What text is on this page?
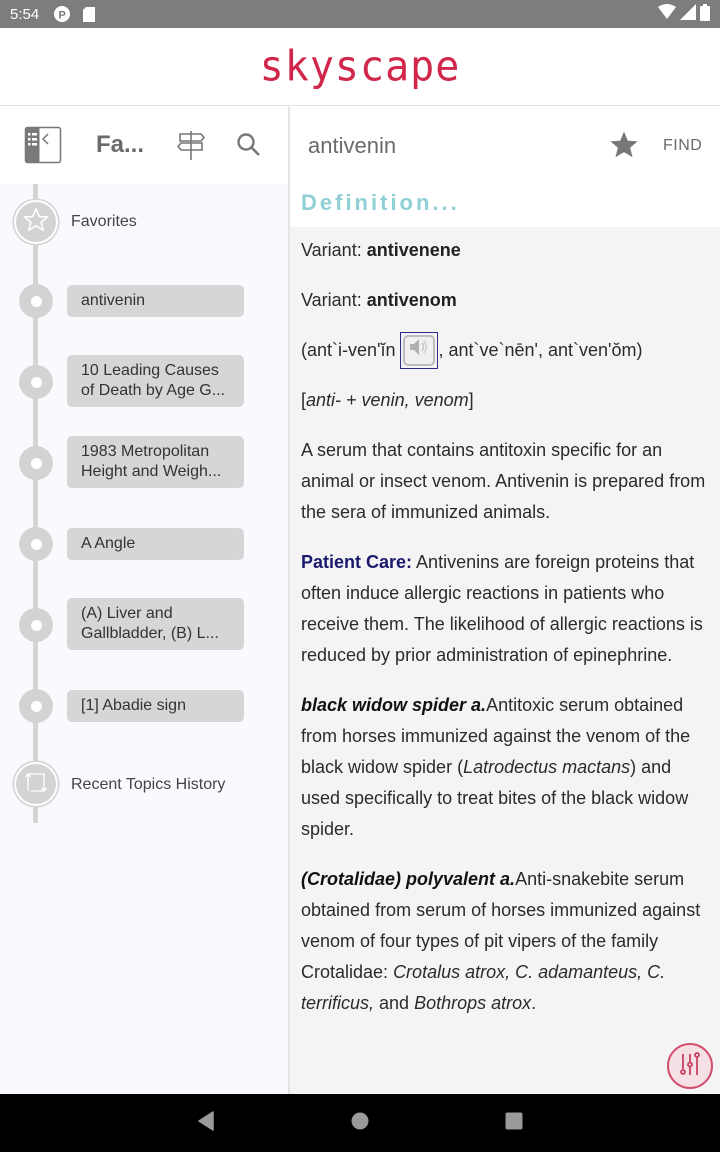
5:54 P
skyscape
Fa...
Favorites
antivenin
10 Leading Causes of Death by Age G...
1983 Metropolitan Height and Weigh...
A Angle
(A) Liver and Gallbladder, (B) L...
[1] Abadie sign
Recent Topics History
antivenin	FIND
Definition...

Variant: antivenene

Variant: antivenom

(ant`i-ven'ĭn
, ant`ve`nēn', ant`ven'ŏm)

[anti- + venin, venom]

A serum that contains antitoxin specific for an animal or insect venom. Antivenin is prepared from the sera of immunized animals.

Patient Care: Antivenins are foreign proteins that often induce allergic reactions in patients who receive them. The likelihood of allergic reactions is reduced by prior administration of epinephrine.

black widow spider a.Antitoxic serum obtained from horses immunized against the venom of the black widow spider (Latrodectus mactans) and used specifically to treat bites of the black widow spider.

(Crotalidae) polyvalent a.Anti-snakebite serum obtained from serum of horses immunized against venom of four types of pit vipers of the family Crotalidae: Crotalus atrox, C. adamanteus, C. terrificus, and Bothrops atrox.
